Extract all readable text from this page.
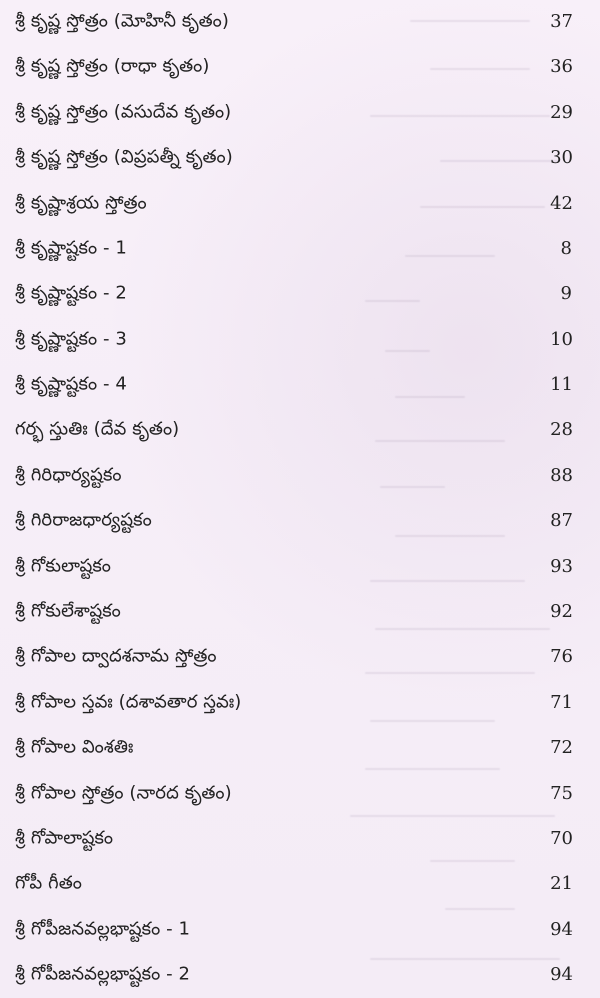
శ్రీ కృష్ణ స్తోత్రం (మోహినీ కృతం)	37
శ్రీ కృష్ణ స్తోత్రం (రాధా కృతం)	36
శ్రీ కృష్ణ స్తోత్రం (వసుదేవ కృతం)	29
శ్రీ కృష్ణ స్తోత్రం (విప్రపత్నీ కృతం)	30
శ్రీ కృష్ణాశ్రయ స్తోత్రం	42
శ్రీ కృష్ణాష్టకం - 1	8
శ్రీ కృష్ణాష్టకం - 2	9
శ్రీ కృష్ణాష్టకం - 3	10
శ్రీ కృష్ణాష్టకం - 4	11
గర్భ స్తుతిః (దేవ కృతం)	28
శ్రీ గిరిధార్యష్టకం	88
శ్రీ గిరిరాజధార్యష్టకం	87
శ్రీ గోకులాష్టకం	93
శ్రీ గోకులేశాష్టకం	92
శ్రీ గోపాల ద్వాదశనామ స్తోత్రం	76
శ్రీ గోపాల స్తవః (దశావతార స్తవః)	71
శ్రీ గోపాల వింశతిః	72
శ్రీ గోపాల స్తోత్రం (నారద కృతం)	75
శ్రీ గోపాలాష్టకం	70
గోపీ గీతం	21
శ్రీ గోపీజనవల్లభాష్టకం - 1	94
శ్రీ గోపీజనవల్లభాష్టకం - 2	94
